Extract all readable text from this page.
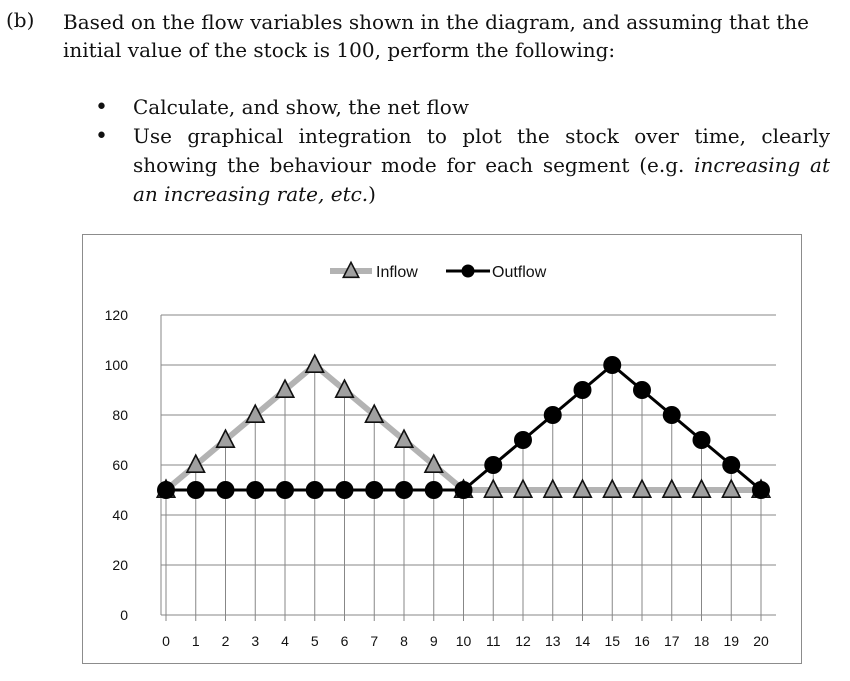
(b) Based on the flow variables shown in the diagram, and assuming that the initial value of the stock is 100, perform the following:
• Calculate, and show, the net flow
• Use graphical integration to plot the stock over time, clearly showing the behaviour mode for each segment (e.g. increasing at an increasing rate, etc.)
0
20
40
60
80
100
120
0 1 2 3 4 5 6 7 8 9 10 11 12 13 14 15 16 17 18 19 20
Inflow	Outflow
